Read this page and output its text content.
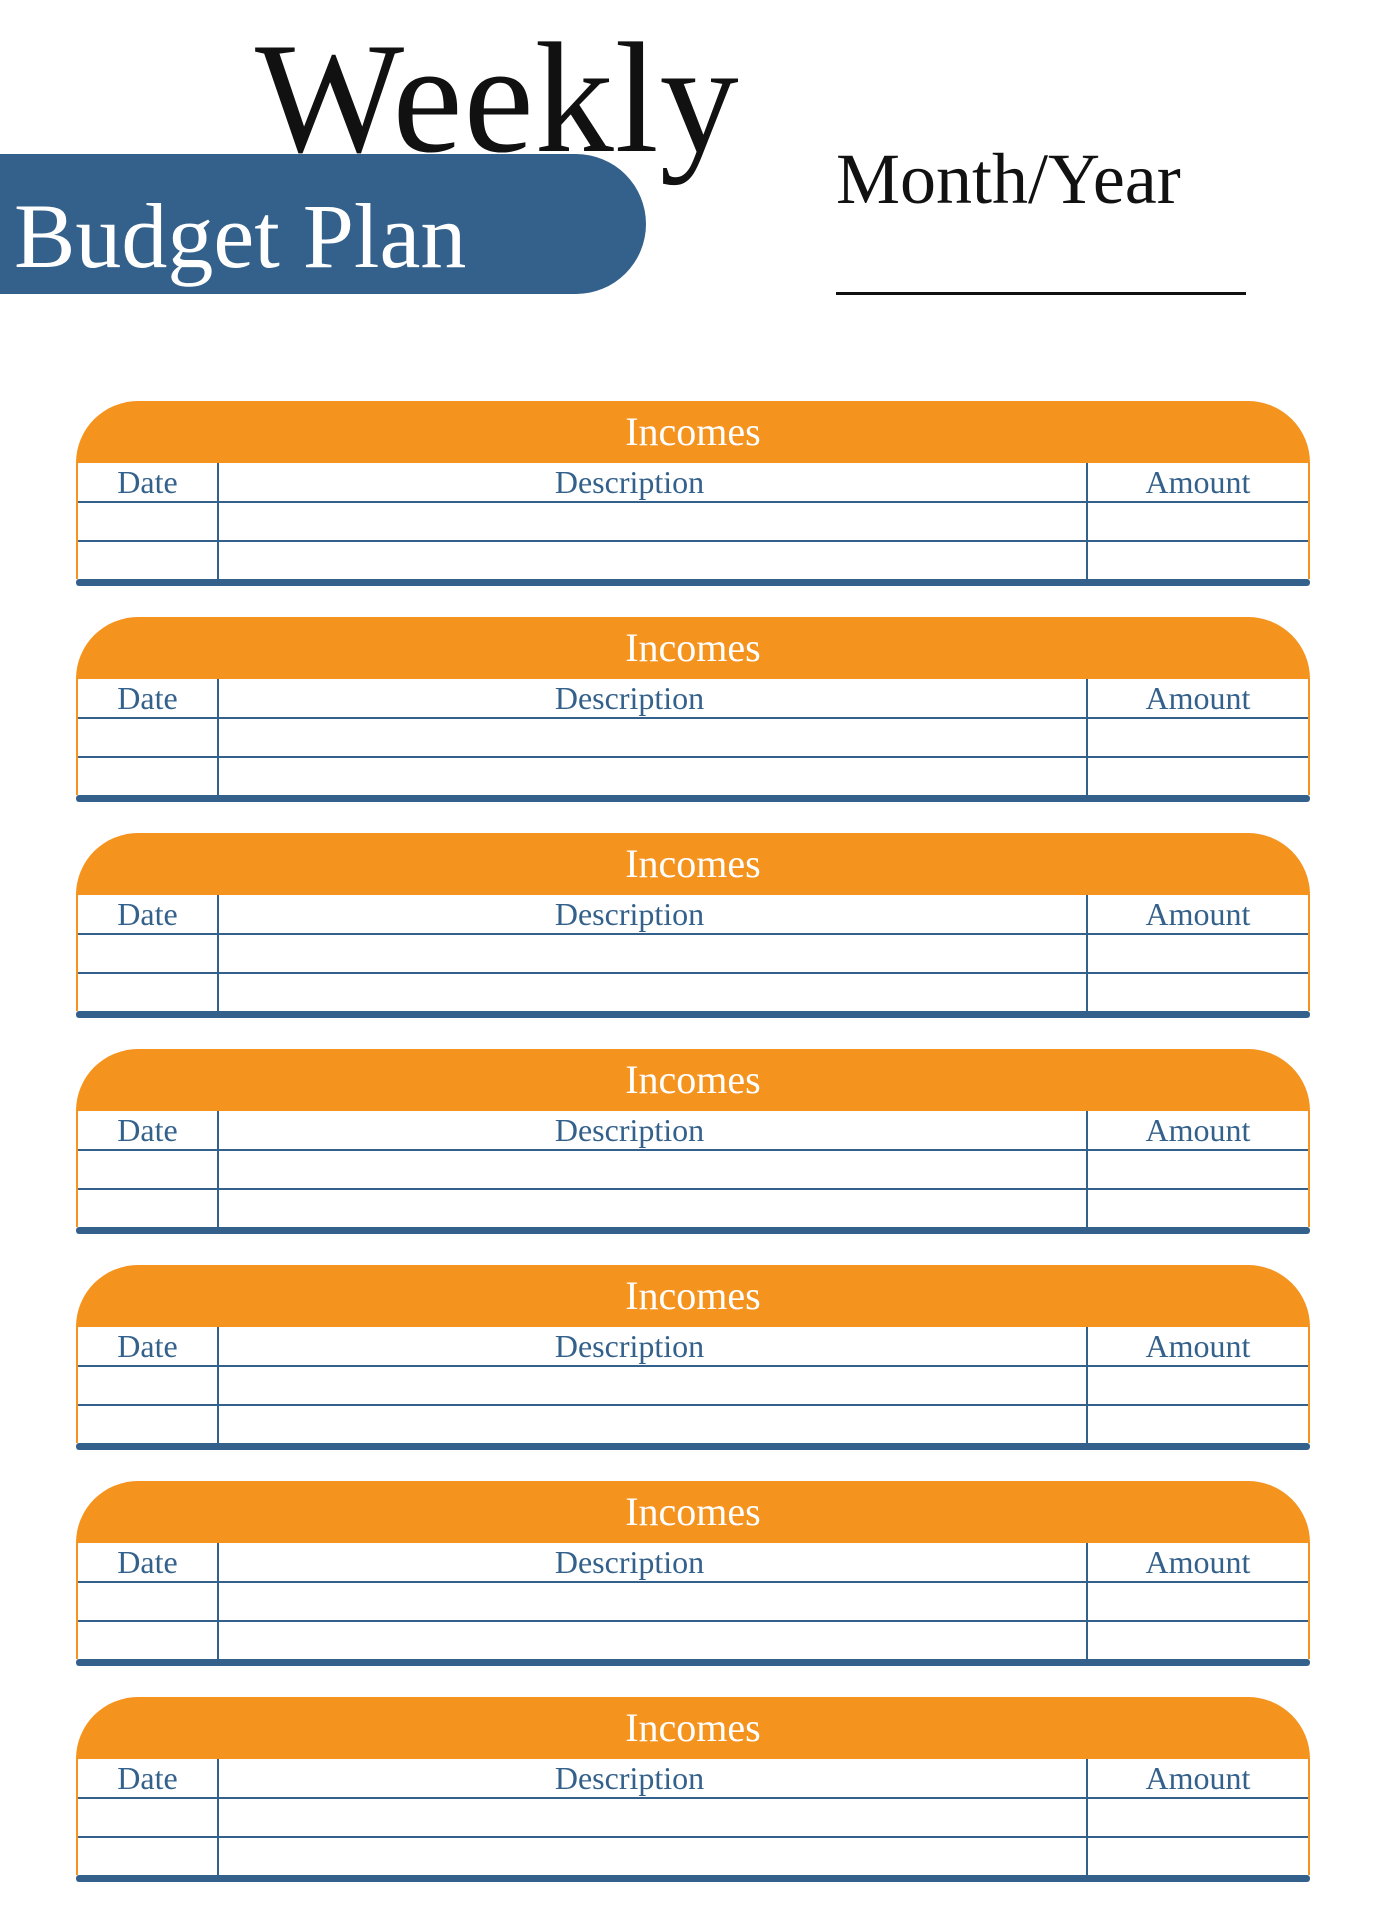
Weekly
Budget Plan
Month/Year
Incomes
Date	Description	Amount
Incomes
Date	Description	Amount
Incomes
Date	Description	Amount
Incomes
Date	Description	Amount
Incomes
Date	Description	Amount
Incomes
Date	Description	Amount
Incomes
Date	Description	Amount
